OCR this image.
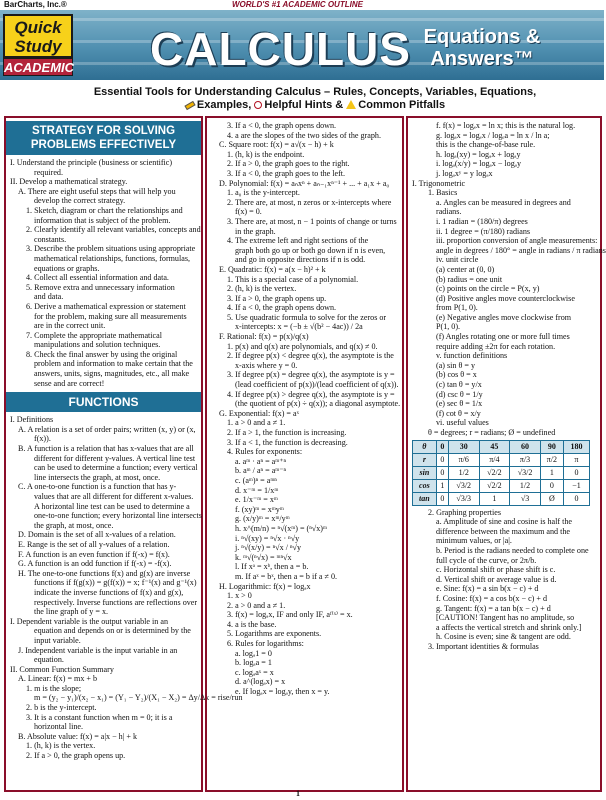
BarCharts, Inc.®	WORLD'S #1 ACADEMIC OUTLINE
CALCULUS Equations & Answers™
Quick Study
ACADEMIC
Essential Tools for Understanding Calculus – Rules, Concepts, Variables, Equations,
Examples, Helpful Hints & Common Pitfalls
STRATEGY FOR SOLVING
PROBLEMS EFFECTIVELY
I. Understand the principle (business or scientific)
required.
II. Develop a mathematical strategy.
A. There are eight useful steps that will help you
develop the correct strategy.
1. Sketch, diagram or chart the relationships and
information that is subject of the problem.
2. Clearly identify all relevant variables, concepts and
constants.
3. Describe the problem situations using appropriate
mathematical relationships, functions, formulas,
equations or graphs.
4. Collect all essential information and data.
5. Remove extra and unnecessary information
and data.
6. Derive a mathematical expression or statement
for the problem, making sure all measurements
are in the correct unit.
7. Complete the appropriate mathematical
manipulations and solution techniques.
8. Check the final answer by using the original
problem and information to make certain that the
answers, units, signs, magnitudes, etc., all make
sense and are correct!
FUNCTIONS
I. Definitions
A. A relation is a set of order pairs; written (x, y) or (x,
f(x)).
B. A function is a relation that has x-values that are all
different for different y-values. A vertical line test
can be used to determine a function; every vertical
line intersects the graph, at most, once.
C. A one-to-one function is a function that has y-
values that are all different for different x-values.
A horizontal line test can be used to determine a
one-to-one function; every horizontal line intersects
the graph, at most, once.
D. Domain is the set of all x-values of a relation.
E. Range is the set of all y-values of a relation.
F. A function is an even function if f(-x) = f(x).
G. A function is an odd function if f(-x) = -f(x).
H. The one-to-one functions f(x) and g(x) are inverse
functions if f(g(x)) = g(f(x)) = x; f⁻¹(x) and g⁻¹(x)
indicate the inverse functions of f(x) and g(x),
respectively. Inverse functions are reflections over
the line graph of y = x.
I. Dependent variable is the output variable in an
equation and depends on or is determined by the
input variable.
J. Independent variable is the input variable in an
equation.
II. Common Function Summary
A. Linear: f(x) = mx + b
1. m is the slope;
m = (y₂ − y₁)/(x₂ − x₁) = (Y₁ − Y₂)/(X₁ − X₂) = Δy/Δx = rise/run
2. b is the y-intercept.
3. It is a constant function when m = 0; it is a
horizontal line.
B. Absolute value: f(x) = a|x − h| + k
1. (h, k) is the vertex.
2. If a > 0, the graph opens up.
3. If a < 0, the graph opens down.
4. a are the slopes of the two sides of the graph.
C. Square root: f(x) = a√(x − h) + k
1. (h, k) is the endpoint.
2. If a > 0, the graph goes to the right.
3. If a < 0, the graph goes to the left.
D. Polynomial: f(x) = aₙxⁿ + aₙ₋₁xⁿ⁻¹ + ... + a₁x + a₀
1. a₀ is the y-intercept.
2. There are, at most, n zeros or x-intercepts where
f(x) = 0.
3. There are, at most, n − 1 points of change or turns
in the graph.
4. The extreme left and right sections of the
graph both go up or both go down if n is even,
and go in opposite directions if n is odd.
E. Quadratic: f(x) = a(x − h)² + k
1. This is a special case of a polynomial.
2. (h, k) is the vertex.
3. If a > 0, the graph opens up.
4. If a < 0, the graph opens down.
5. Use quadratic formula to solve for the zeros or
x-intercepts: x = (−b ± √(b² − 4ac)) / 2a
F. Rational: f(x) = p(x)/q(x)
1. p(x) and q(x) are polynomials, and q(x) ≠ 0.
2. If degree p(x) < degree q(x), the asymptote is the
x-axis where y = 0.
3. If degree p(x) = degree q(x), the asymptote is y =
(lead coefficient of p(x))/(lead coefficient of q(x)).
4. If degree p(x) > degree q(x), the asymptote is y =
(the quotient of p(x) ÷ q(x)); a diagonal asymptote.
G. Exponential: f(x) = aˣ
1. a > 0 and a ≠ 1.
2. If a > 1, the function is increasing.
3. If a < 1, the function is decreasing.
4. Rules for exponents:
a. aᵐ · aⁿ = aᵐ⁺ⁿ
b. aᵐ / aⁿ = aᵐ⁻ⁿ
c. (aᵐ)ⁿ = aᵐⁿ
d. x⁻ᵐ = 1/xᵐ
e. 1/x⁻ᵐ = xᵐ
f. (xy)ᵐ = xᵐyᵐ
g. (x/y)ᵐ = xᵐ/yᵐ
h. x^(m/n) = ⁿ√(xᵐ) = (ⁿ√x)ᵐ
i. ⁿ√(xy) = ⁿ√x · ⁿ√y
j. ⁿ√(x/y) = ⁿ√x / ⁿ√y
k. ᵐ√(ⁿ√x) = ᵐⁿ√x
l. If xᵃ = xᵇ, then a = b.
m. If aˣ = bˣ, then a = b if a ≠ 0.
H. Logarithmic: f(x) = logₐx
1. x > 0
2. a > 0 and a ≠ 1.
3. f(x) = logₐx, IF and only IF, aᶠ⁽ˣ⁾ = x.
4. a is the base.
5. Logarithms are exponents.
6. Rules for logarithms:
a. logₐ1 = 0
b. logₐa = 1
c. logₐaˣ = x
d. a^(logₐx) = x
e. If logₐx = logₐy, then x = y.
f. f(x) = logₑx = ln x; this is the natural log.
g. logₐx = logₑx / logₑa = ln x / ln a;
this is the change-of-base rule.
h. logₐ(xy) = logₐx + logₐy
i. logₐ(x/y) = logₐx − logₐy
j. logₐxʸ = y logₐx
I. Trigonometric
1. Basics
a. Angles can be measured in degrees and
radians.
i. 1 radian = (180/π) degrees
ii. 1 degree = (π/180) radians
iii. proportion conversion of angle measurements:
angle in degrees / 180° = angle in radians / π radians
iv. unit circle
(a) center at (0, 0)
(b) radius = one unit
(c) points on the circle = P(x, y)
(d) Positive angles move counterclockwise
from P(1, 0).
(e) Negative angles move clockwise from
P(1, 0).
(f) Angles rotating one or more full times
require adding ±2π for each rotation.
v. function definitions
(a) sin θ = y
(b) cos θ = x
(c) tan θ = y/x
(d) csc θ = 1/y
(e) sec θ = 1/x
(f) cot θ = x/y
vi. useful values
θ = degrees; r = radians; Ø = undefined
θ	0	30	45	60	90	180
r	0	π/6	π/4	π/3	π/2	π
sin	0	1/2	√2/2	√3/2	1	0
cos	1	√3/2	√2/2	1/2	0	−1
tan	0	√3/3	1	√3	Ø	0
2. Graphing properties
a. Amplitude of sine and cosine is half the
difference between the maximum and the
minimum values, or |a|.
b. Period is the radians needed to complete one
full cycle of the curve, or 2π/b.
c. Horizontal shift or phase shift is c.
d. Vertical shift or average value is d.
e. Sine: f(x) = a sin b(x − c) + d
f. Cosine: f(x) = a cos b(x − c) + d
g. Tangent: f(x) = a tan b(x − c) + d
[CAUTION! Tangent has no amplitude, so
a affects the vertical stretch and shrink only.]
h. Cosine is even; sine & tangent are odd.
3. Important identities & formulas
1
